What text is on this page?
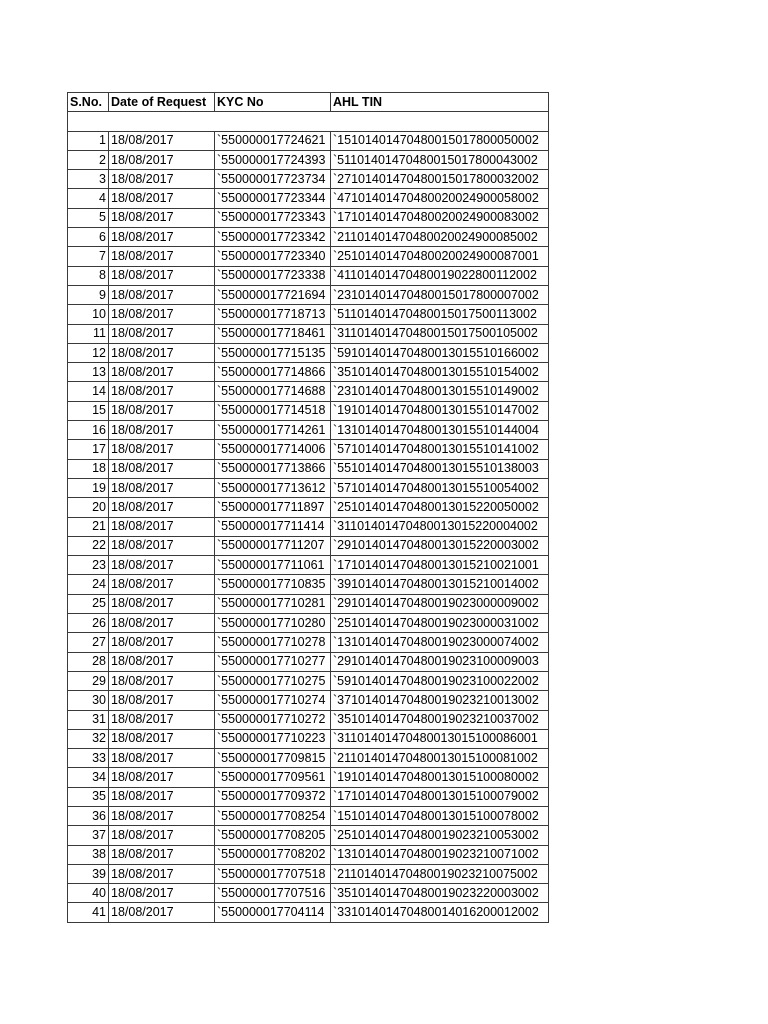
S.No.	Date of Request	KYC No	AHL TIN

1	18/08/2017	`550000017724621	`15101401470480015017800050002
2	18/08/2017	`550000017724393	`51101401470480015017800043002
3	18/08/2017	`550000017723734	`27101401470480015017800032002
4	18/08/2017	`550000017723344	`47101401470480020024900058002
5	18/08/2017	`550000017723343	`17101401470480020024900083002
6	18/08/2017	`550000017723342	`21101401470480020024900085002
7	18/08/2017	`550000017723340	`25101401470480020024900087001
8	18/08/2017	`550000017723338	`41101401470480019022800112002
9	18/08/2017	`550000017721694	`23101401470480015017800007002
10	18/08/2017	`550000017718713	`51101401470480015017500113002
11	18/08/2017	`550000017718461	`31101401470480015017500105002
12	18/08/2017	`550000017715135	`59101401470480013015510166002
13	18/08/2017	`550000017714866	`35101401470480013015510154002
14	18/08/2017	`550000017714688	`23101401470480013015510149002
15	18/08/2017	`550000017714518	`19101401470480013015510147002
16	18/08/2017	`550000017714261	`13101401470480013015510144004
17	18/08/2017	`550000017714006	`57101401470480013015510141002
18	18/08/2017	`550000017713866	`55101401470480013015510138003
19	18/08/2017	`550000017713612	`57101401470480013015510054002
20	18/08/2017	`550000017711897	`25101401470480013015220050002
21	18/08/2017	`550000017711414	`31101401470480013015220004002
22	18/08/2017	`550000017711207	`29101401470480013015220003002
23	18/08/2017	`550000017711061	`17101401470480013015210021001
24	18/08/2017	`550000017710835	`39101401470480013015210014002
25	18/08/2017	`550000017710281	`29101401470480019023000009002
26	18/08/2017	`550000017710280	`25101401470480019023000031002
27	18/08/2017	`550000017710278	`13101401470480019023000074002
28	18/08/2017	`550000017710277	`29101401470480019023100009003
29	18/08/2017	`550000017710275	`59101401470480019023100022002
30	18/08/2017	`550000017710274	`37101401470480019023210013002
31	18/08/2017	`550000017710272	`35101401470480019023210037002
32	18/08/2017	`550000017710223	`31101401470480013015100086001
33	18/08/2017	`550000017709815	`21101401470480013015100081002
34	18/08/2017	`550000017709561	`19101401470480013015100080002
35	18/08/2017	`550000017709372	`17101401470480013015100079002
36	18/08/2017	`550000017708254	`15101401470480013015100078002
37	18/08/2017	`550000017708205	`25101401470480019023210053002
38	18/08/2017	`550000017708202	`13101401470480019023210071002
39	18/08/2017	`550000017707518	`21101401470480019023210075002
40	18/08/2017	`550000017707516	`35101401470480019023220003002
41	18/08/2017	`550000017704114	`33101401470480014016200012002
